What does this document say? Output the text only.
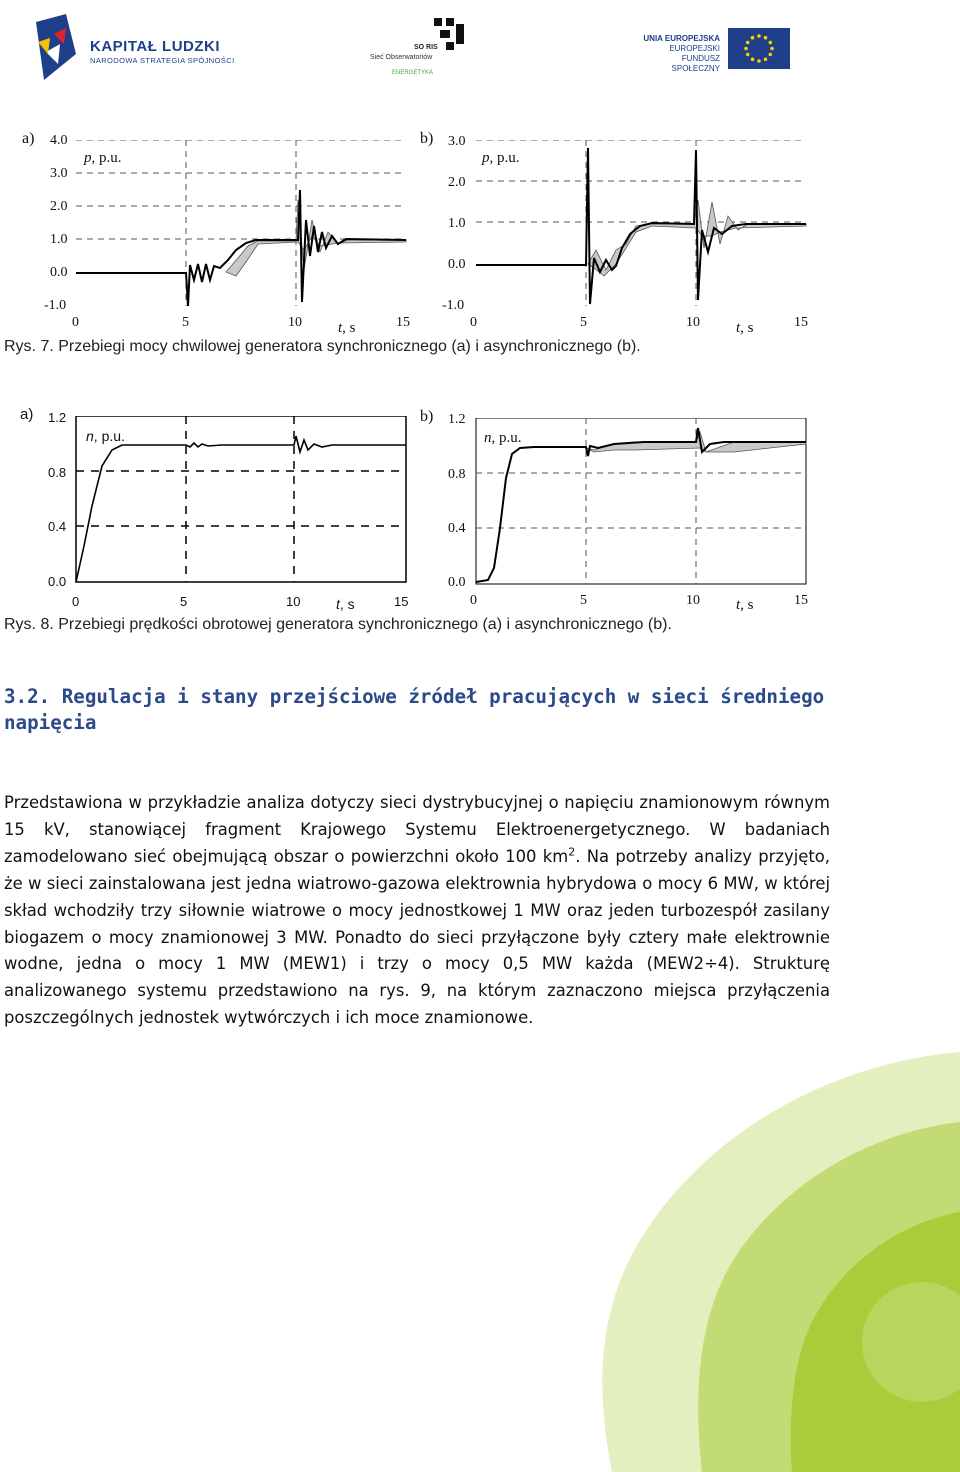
KAPITAŁ LUDZKI
NARODOWA STRATEGIA SPÓJNOŚCI
SO RIS
Sieć Obserwatoriów
ENERGETYKA
UNIA EUROPEJSKA
EUROPEJSKI
FUNDUSZ SPOŁECZNY
a) 4.0
3.0
2.0
1.0
0.0
-1.0
p, p.u.
0	5	10	15
t, s
b) 3.0
2.0
1.0
0.0
-1.0
p, p.u.
0	5	10	15
t, s
Rys. 7. Przebiegi mocy chwilowej generatora synchronicznego (a) i asynchronicznego (b).
a) 1.2
0.8
0.4
0.0
n, p.u.
0	5	10	15
t, s
b) 1.2
0.8
0.4
0.0
n, p.u.
0	5	10	15
t, s
Rys. 8. Przebiegi prędkości obrotowej generatora synchronicznego (a) i asynchronicznego (b).
3.2. Regulacja i stany przejściowe źródeł pracujących w sieci średniego napięcia

Przedstawiona w przykładzie analiza dotyczy sieci dystrybucyjnej o napięciu znamionowym równym 15 kV, stanowiącej fragment Krajowego Systemu Elektroenergetycznego. W badaniach zamodelowano sieć obejmującą obszar o powierzchni około 100 $km^2$. Na potrzeby analizy przyjęto, że w sieci zainstalowana jest jedna wiatrowo-gazowa elektrownia hybrydowa o mocy 6 MW, w której skład wchodziły trzy siłownie wiatrowe o mocy jednostkowej 1 MW oraz jeden turbozespół zasilany biogazem o mocy znamionowej 3 MW. Ponadto do sieci przyłączone były cztery małe elektrownie wodne, jedna o mocy 1 MW (MEW1) i trzy o mocy 0,5 MW każda (MEW2÷4). Strukturę analizowanego systemu przedstawiono na rys. 9, na którym zaznaczono miejsca przyłączenia poszczególnych jednostek wytwórczych i ich moce znamionowe.
